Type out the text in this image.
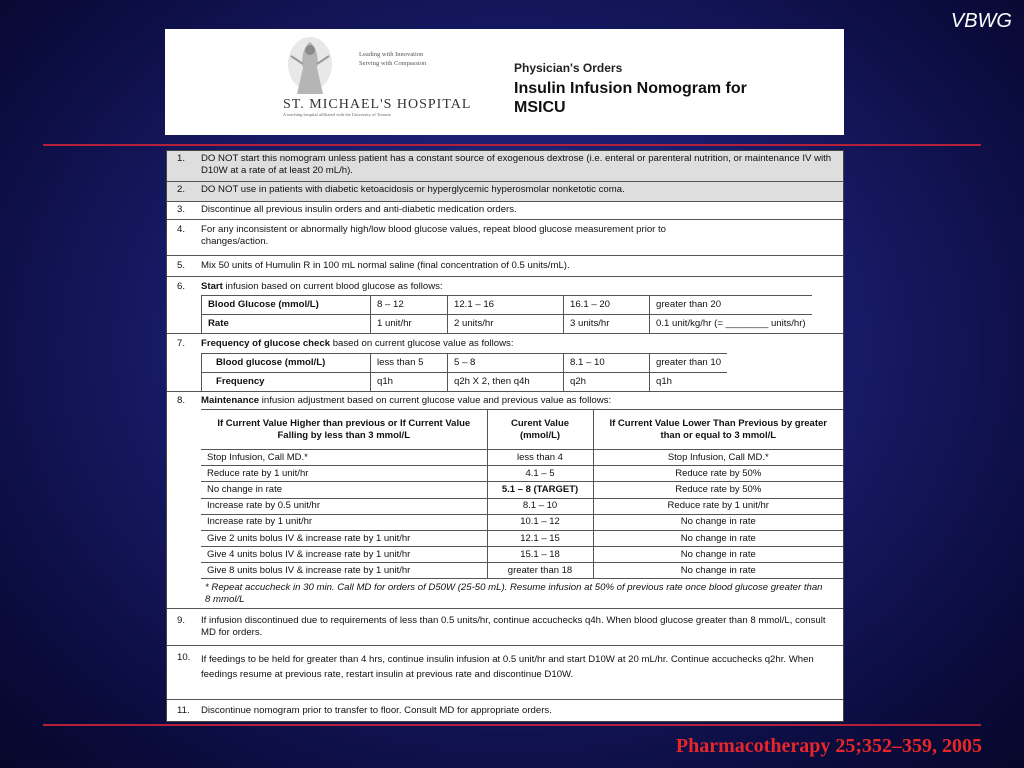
VBWG
Leading with Innovation
Serving with Compassion
ST. MICHAEL'S HOSPITAL
A teaching hospital affiliated with the University of Toronto
Physician's Orders
Insulin Infusion Nomogram for MSICU
1. DO NOT start this nomogram unless patient has a constant source of exogenous dextrose (i.e. enteral or parenteral nutrition, or maintenance IV with D10W at a rate of at least 20 mL/h).
2. DO NOT use in patients with diabetic ketoacidosis or hyperglycemic hyperosmolar nonketotic coma.
3. Discontinue all previous insulin orders and anti-diabetic medication orders.
4. For any inconsistent or abnormally high/low blood glucose values, repeat blood glucose measurement prior to changes/action.
5. Mix 50 units of Humulin R in 100 mL normal saline (final concentration of 0.5 units/mL).
6. Start infusion based on current blood glucose as follows:
Blood Glucose (mmol/L)	8 – 12	12.1 – 16	16.1 – 20	greater than 20
Rate	1 unit/hr	2 units/hr	3 units/hr	0.1 unit/kg/hr (= ________ units/hr)
7. Frequency of glucose check based on current glucose value as follows:
Blood glucose (mmol/L)	less than 5	5 – 8	8.1 – 10	greater than 10
Frequency	q1h	q2h X 2, then q4h	q2h	q1h
8. Maintenance infusion adjustment based on current glucose value and previous value as follows:
If Current Value Higher than previous or If Current Value Falling by less than 3 mmol/L	Curent Value (mmol/L)	If Current Value Lower Than Previous by greater than or equal to 3 mmol/L
Stop Infusion, Call MD.*	less than 4	Stop Infusion, Call MD.*
Reduce rate by 1 unit/hr	4.1 – 5	Reduce rate by 50%
No change in rate	5.1 – 8 (TARGET)	Reduce rate by 50%
Increase rate by 0.5 unit/hr	8.1 – 10	Reduce rate by 1 unit/hr
Increase rate by 1 unit/hr	10.1 – 12	No change in rate
Give 2 units bolus IV & increase rate by 1 unit/hr	12.1 – 15	No change in rate
Give 4 units bolus IV & increase rate by 1 unit/hr	15.1 – 18	No change in rate
Give 8 units bolus IV & increase rate by 1 unit/hr	greater than 18	No change in rate
* Repeat accucheck in 30 min. Call MD for orders of D50W (25-50 mL). Resume infusion at 50% of previous rate once blood glucose greater than 8 mmol/L
9. If infusion discontinued due to requirements of less than 0.5 units/hr, continue accuchecks q4h. When blood glucose greater than 8 mmol/L, consult MD for orders.
10. If feedings to be held for greater than 4 hrs, continue insulin infusion at 0.5 unit/hr and start D10W at 20 mL/hr. Continue accuchecks q2hr. When feedings resume at previous rate, restart insulin at previous rate and discontinue D10W.
11. Discontinue nomogram prior to transfer to floor. Consult MD for appropriate orders.
Pharmacotherapy 25;352–359, 2005
